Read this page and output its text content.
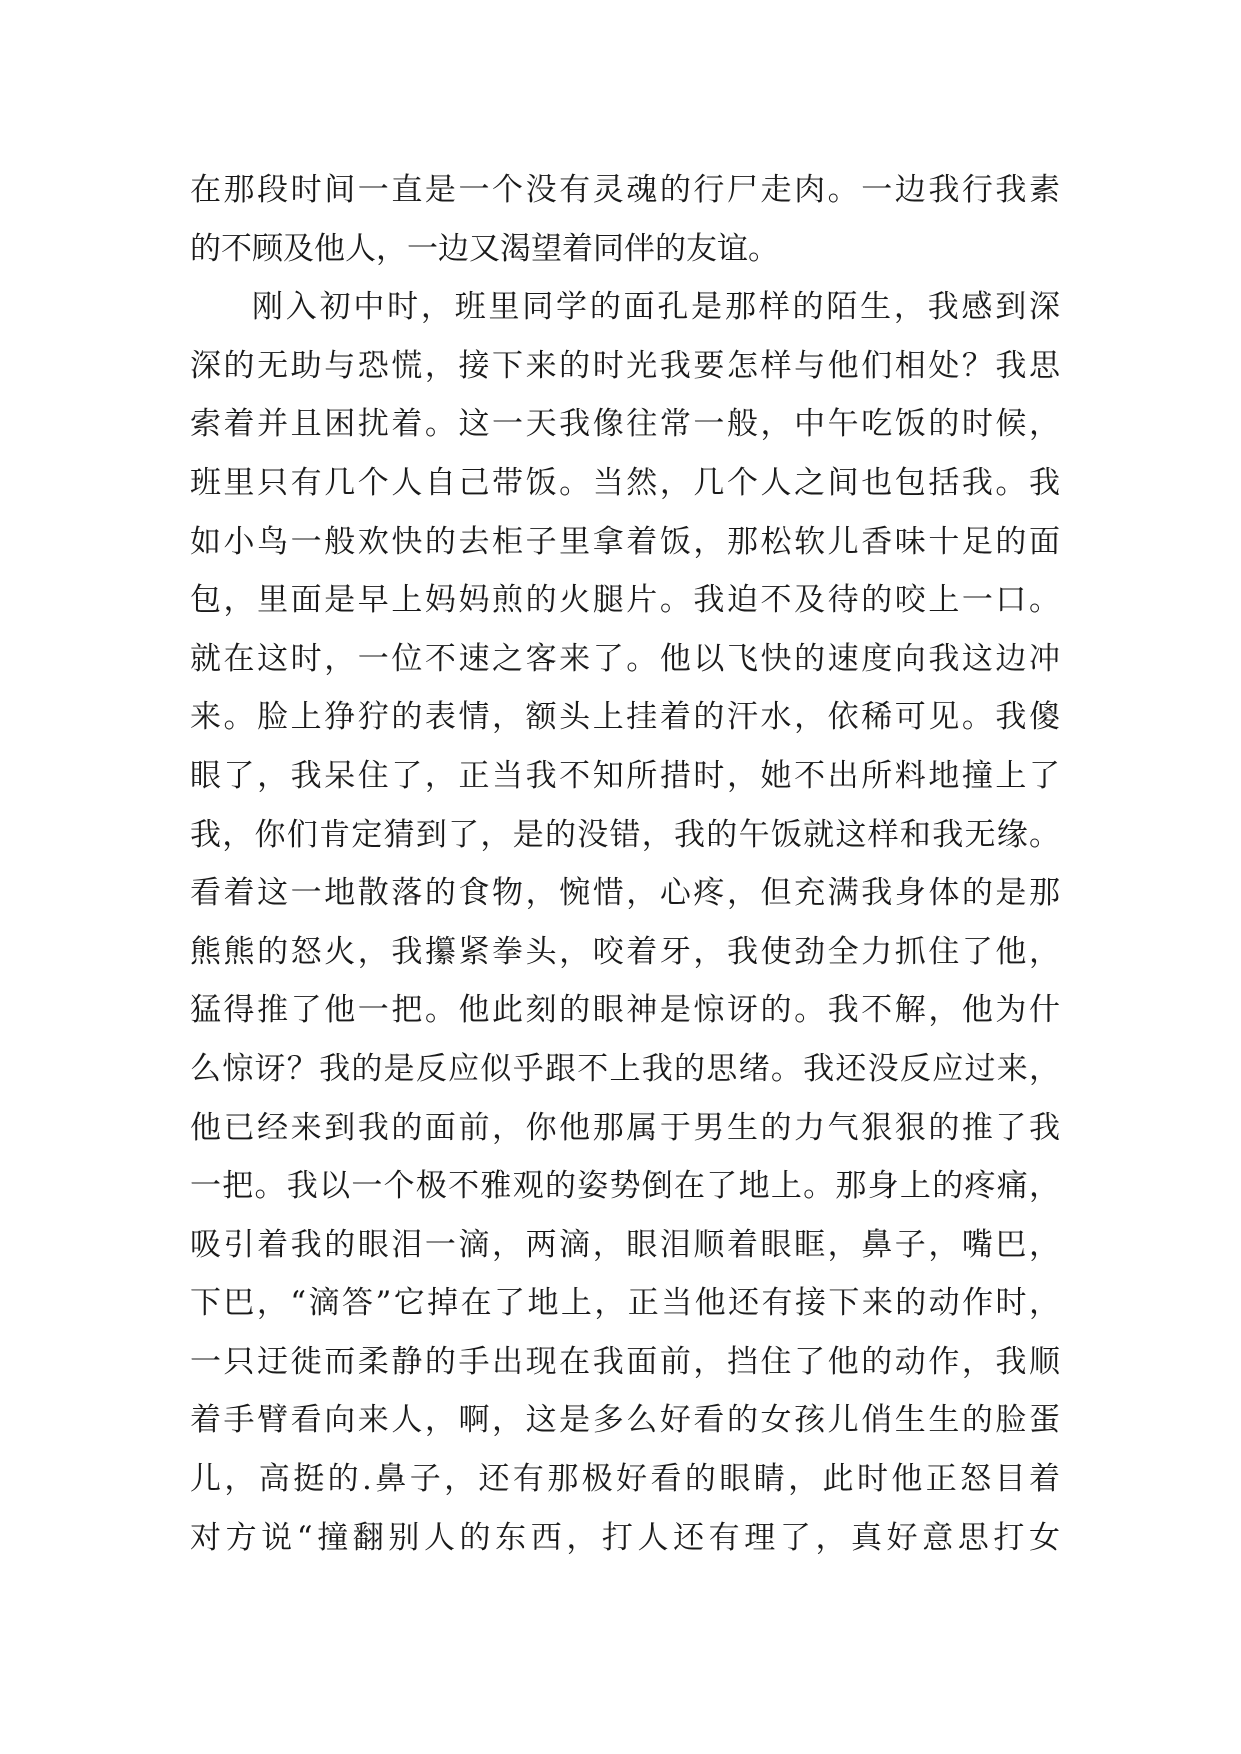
在那段时间一直是一个没有灵魂的行尸走肉。一边我行我素
的不顾及他人，一边又渴望着同伴的友谊。
刚入初中时，班里同学的面孔是那样的陌生，我感到深
深的无助与恐慌，接下来的时光我要怎样与他们相处？我思
索着并且困扰着。这一天我像往常一般，中午吃饭的时候，
班里只有几个人自己带饭。当然，几个人之间也包括我。我
如小鸟一般欢快的去柜子里拿着饭，那松软儿香味十足的面
包，里面是早上妈妈煎的火腿片。我迫不及待的咬上一口。
就在这时，一位不速之客来了。他以飞快的速度向我这边冲
来。脸上狰狞的表情，额头上挂着的汗水，依稀可见。我傻
眼了，我呆住了，正当我不知所措时，她不出所料地撞上了
我，你们肯定猜到了，是的没错，我的午饭就这样和我无缘。
看着这一地散落的食物，惋惜，心疼，但充满我身体的是那
熊熊的怒火，我攥紧拳头，咬着牙，我使劲全力抓住了他，
猛得推了他一把。他此刻的眼神是惊讶的。我不解，他为什
么惊讶？我的是反应似乎跟不上我的思绪。我还没反应过来，
他已经来到我的面前，你他那属于男生的力气狠狠的推了我
一把。我以一个极不雅观的姿势倒在了地上。那身上的疼痛，
吸引着我的眼泪一滴，两滴，眼泪顺着眼眶，鼻子，嘴巴，
下巴，“滴答”它掉在了地上，正当他还有接下来的动作时，
一只迂徙而柔静的手出现在我面前，挡住了他的动作，我顺
着手臂看向来人，啊，这是多么好看的女孩儿俏生生的脸蛋
儿，高挺的.鼻子，还有那极好看的眼睛，此时他正怒目着
对方说“撞翻别人的东西，打人还有理了，真好意思打女
